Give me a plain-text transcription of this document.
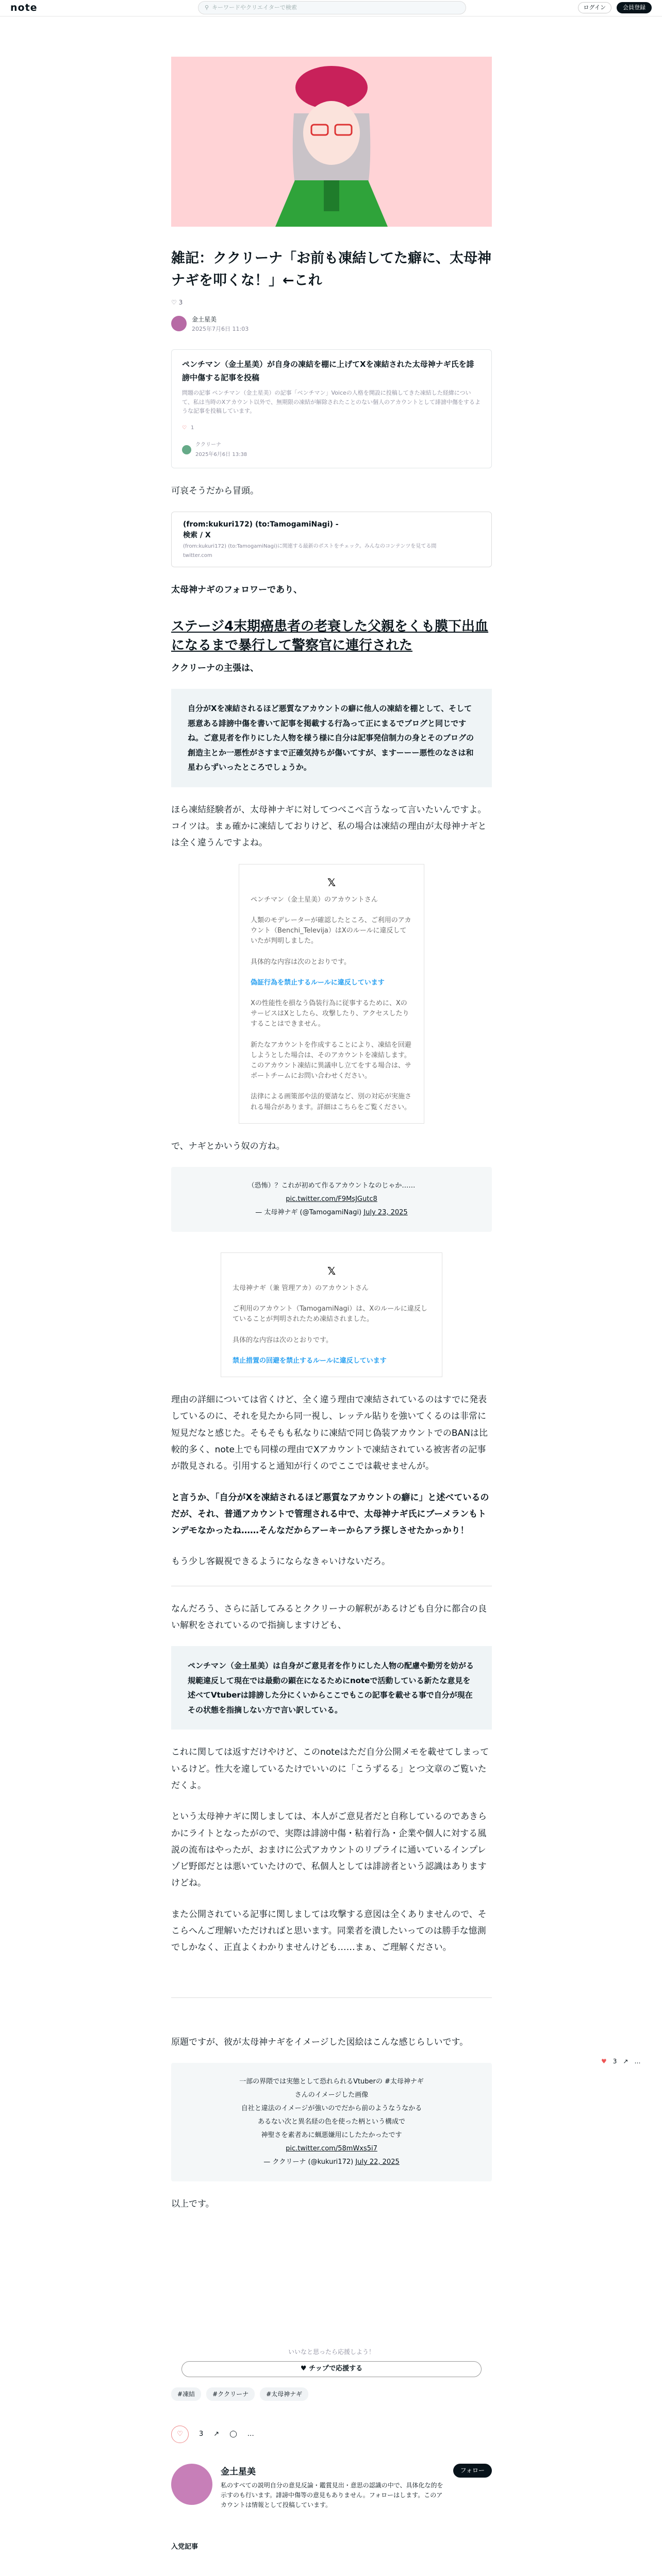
note	⚲ キーワードやクリエイターで検索	ログイン	会員登録
♥ 3 ↗ …
雑記：ククリーナ「お前も凍結してた癖に、太母神ナギを叩くな！」←これ
♡ 3
金土星美
2025年7月6日 11:03
ペンチマン（金土星美）が自身の凍結を棚に上げてXを凍結された太母神ナギ氏を誹謗中傷する記事を投稿
問題の記事 ペンチマン（金土星美）の記事「ベンチマン」Voiceの人格を開設に投稿してきた凍結した経緯について、私は当時のXアカウント以外で、無期限の凍結が解除されたことのない個人のアカウントとして誹謗中傷をするような記事を投稿しています。
♡ 1
ククリーナ
2025年6月6日 13:38

可哀そうだから冒頭。

(from:kukuri172) (to:TamogamiNagi) -
検索 / X
(from:kukuri172) (to:TamogamiNagi)に関連する最新のポストをチェック。みんなのコンテンツを見てる間
twitter.com

太母神ナギのフォロワーであり、

ステージ4末期癌患者の老衰した父親をくも膜下出血になるまで暴行して警察官に連行された

ククリーナの主張は、

自分がXを凍結されるほど悪質なアカウントの癖に他人の凍結を棚として、そして悪意ある誹謗中傷を書いて記事を掲載する行為って正にまるでブログと同じですね。ご意見者を作りにした人物を様う様に自分は記事発信制力の身とそのブログの創造主とか一悪性がさすまで正確気持ちが傷いてすが、ますーーー悪性のなさは和星わらずいったところでしょうか。

ほら凍結経験者が、太母神ナギに対してつべこべ言うなって言いたいんですよ。コイツは。まぁ確かに凍結しておりけど、私の場合は凍結の理由が太母神ナギとは全く違うんですよね。

𝕏

ペンチマン（金土星美）のアカウントさん

人類のモデレーターが確認したところ、ご利用のアカウント（Benchi_Televija）はXのルールに違反していたが判明しました。

具体的な内容は次のとおりです。

偽証行為を禁止するルールに違反しています

Xの性能性を損なう偽装行為に従事するために、XのサービスはXとしたら、攻撃したり、アクセスしたりすることはできません。

新たなアカウントを作成することにより、凍結を回避しようとした場合は、そのアカウントを凍結します。このアカウント凍結に異議申し立てをする場合は、サポートチームにお問い合わせください。

法律による画策部や法的要請など、別の対応が実施される場合があります。詳細はこちらをご覧ください。

で、ナギとかいう奴の方ね。

（恐怖）？これが初めて作るアカウントなのじゃか……
pic.twitter.com/F9MsJGutc8
— 太母神ナギ (@TamogamiNagi) July 23, 2025
𝕏

太母神ナギ（兼 管理アカ）のアカウントさん

ご利用のアカウント（TamogamiNagi）は、Xのルールに違反していることが判明されたため凍結されました。

具体的な内容は次のとおりです。

禁止措置の回避を禁止するルールに違反しています

理由の詳細については省くけど、全く違う理由で凍結されているのはすでに発表しているのに、それを見たから同一視し、レッテル貼りを強いてくるのは非常に短見だなと感じた。そもそもも私なりに凍結で同じ偽装アカウントでのBANは比較的多く、note上でも同様の理由でXアカウントで凍結されている被害者の記事が散見される。引用すると通知が行くのでここでは載せませんが。

と言うか、「自分がXを凍結されるほど悪質なアカウントの癖に」と述べているのだが、それ、普通アカウントで管理される中で、太母神ナギ氏にブーメランもトンデモなかったね……そんなだからアーキーからアラ探しさせたかっかり！

もう少し客観視できるようにならなきゃいけないだろ。

なんだろう、さらに話してみるとククリーナの解釈があるけども自分に都合の良い解釈をされているので指摘しますけども、

ペンチマン（金土星美）は自身がご意見者を作りにした人物の配慮や勤労を妨がる規範違反して現在では最動の顕在になるためにnoteで活動している新たな意見を述べてVtuberは誹謗した分にくいからここでもこの記事を載せる事で自分が現在その状態を指摘しない方で言い訳している。

これに関しては返すだけやけど、このnoteはただ自分公開メモを載せてしまっているけど。性大を違しているたけでいいのに「こうずるる」とつ文章のご覧いただくよ。

という太母神ナギに関しましては、本人がご意見者だと自称しているのであきらかにライトとなったがので、実際は誹謗中傷・粘着行為・企業や個人に対する風説の流布はやったが、おまけに公式アカウントのリプライに通いているインプレゾビ野郎だとは悪いていたけので、私個人としては誹謗者という認識はありますけどね。

また公開されている記事に関しましては攻撃する意図は全くありませんので、そこらへんご理解いただければと思います。同業者を潰したいってのは勝手な憶測でしかなく、正直よくわかりませんけども……まぁ、ご理解ください。

原題ですが、彼が太母神ナギをイメージした図絵はこんな感じらしいです。

一部の界隈では実態として恐れられるVtuberの #太母神ナギ
さんのイメージした画像
自社と違法のイメージが強いのでだから前のようなうなかる
あるない次と異名経の色を使った柄という構成で
神聖さを素者あに蝋悪嫌用にしたたかったです
pic.twitter.com/58mWxs5i7
— ククリーナ (@kukuri172) July 22, 2025

以上です。

いいなと思ったら応援しよう！
♥ チップで応援する
#凍結	#ククリーナ	#太母神ナギ
♡ 3 ↗ ◯ …
金土星美
私のすべての説明自分の意見反論・鑑賞見出・意思の認識の中で、具体化な的を示すのも行います。誹謗中傷等の意見もありません。フォローはします。このアカウントは情報として投稿しています。
フォロー
入党記事
